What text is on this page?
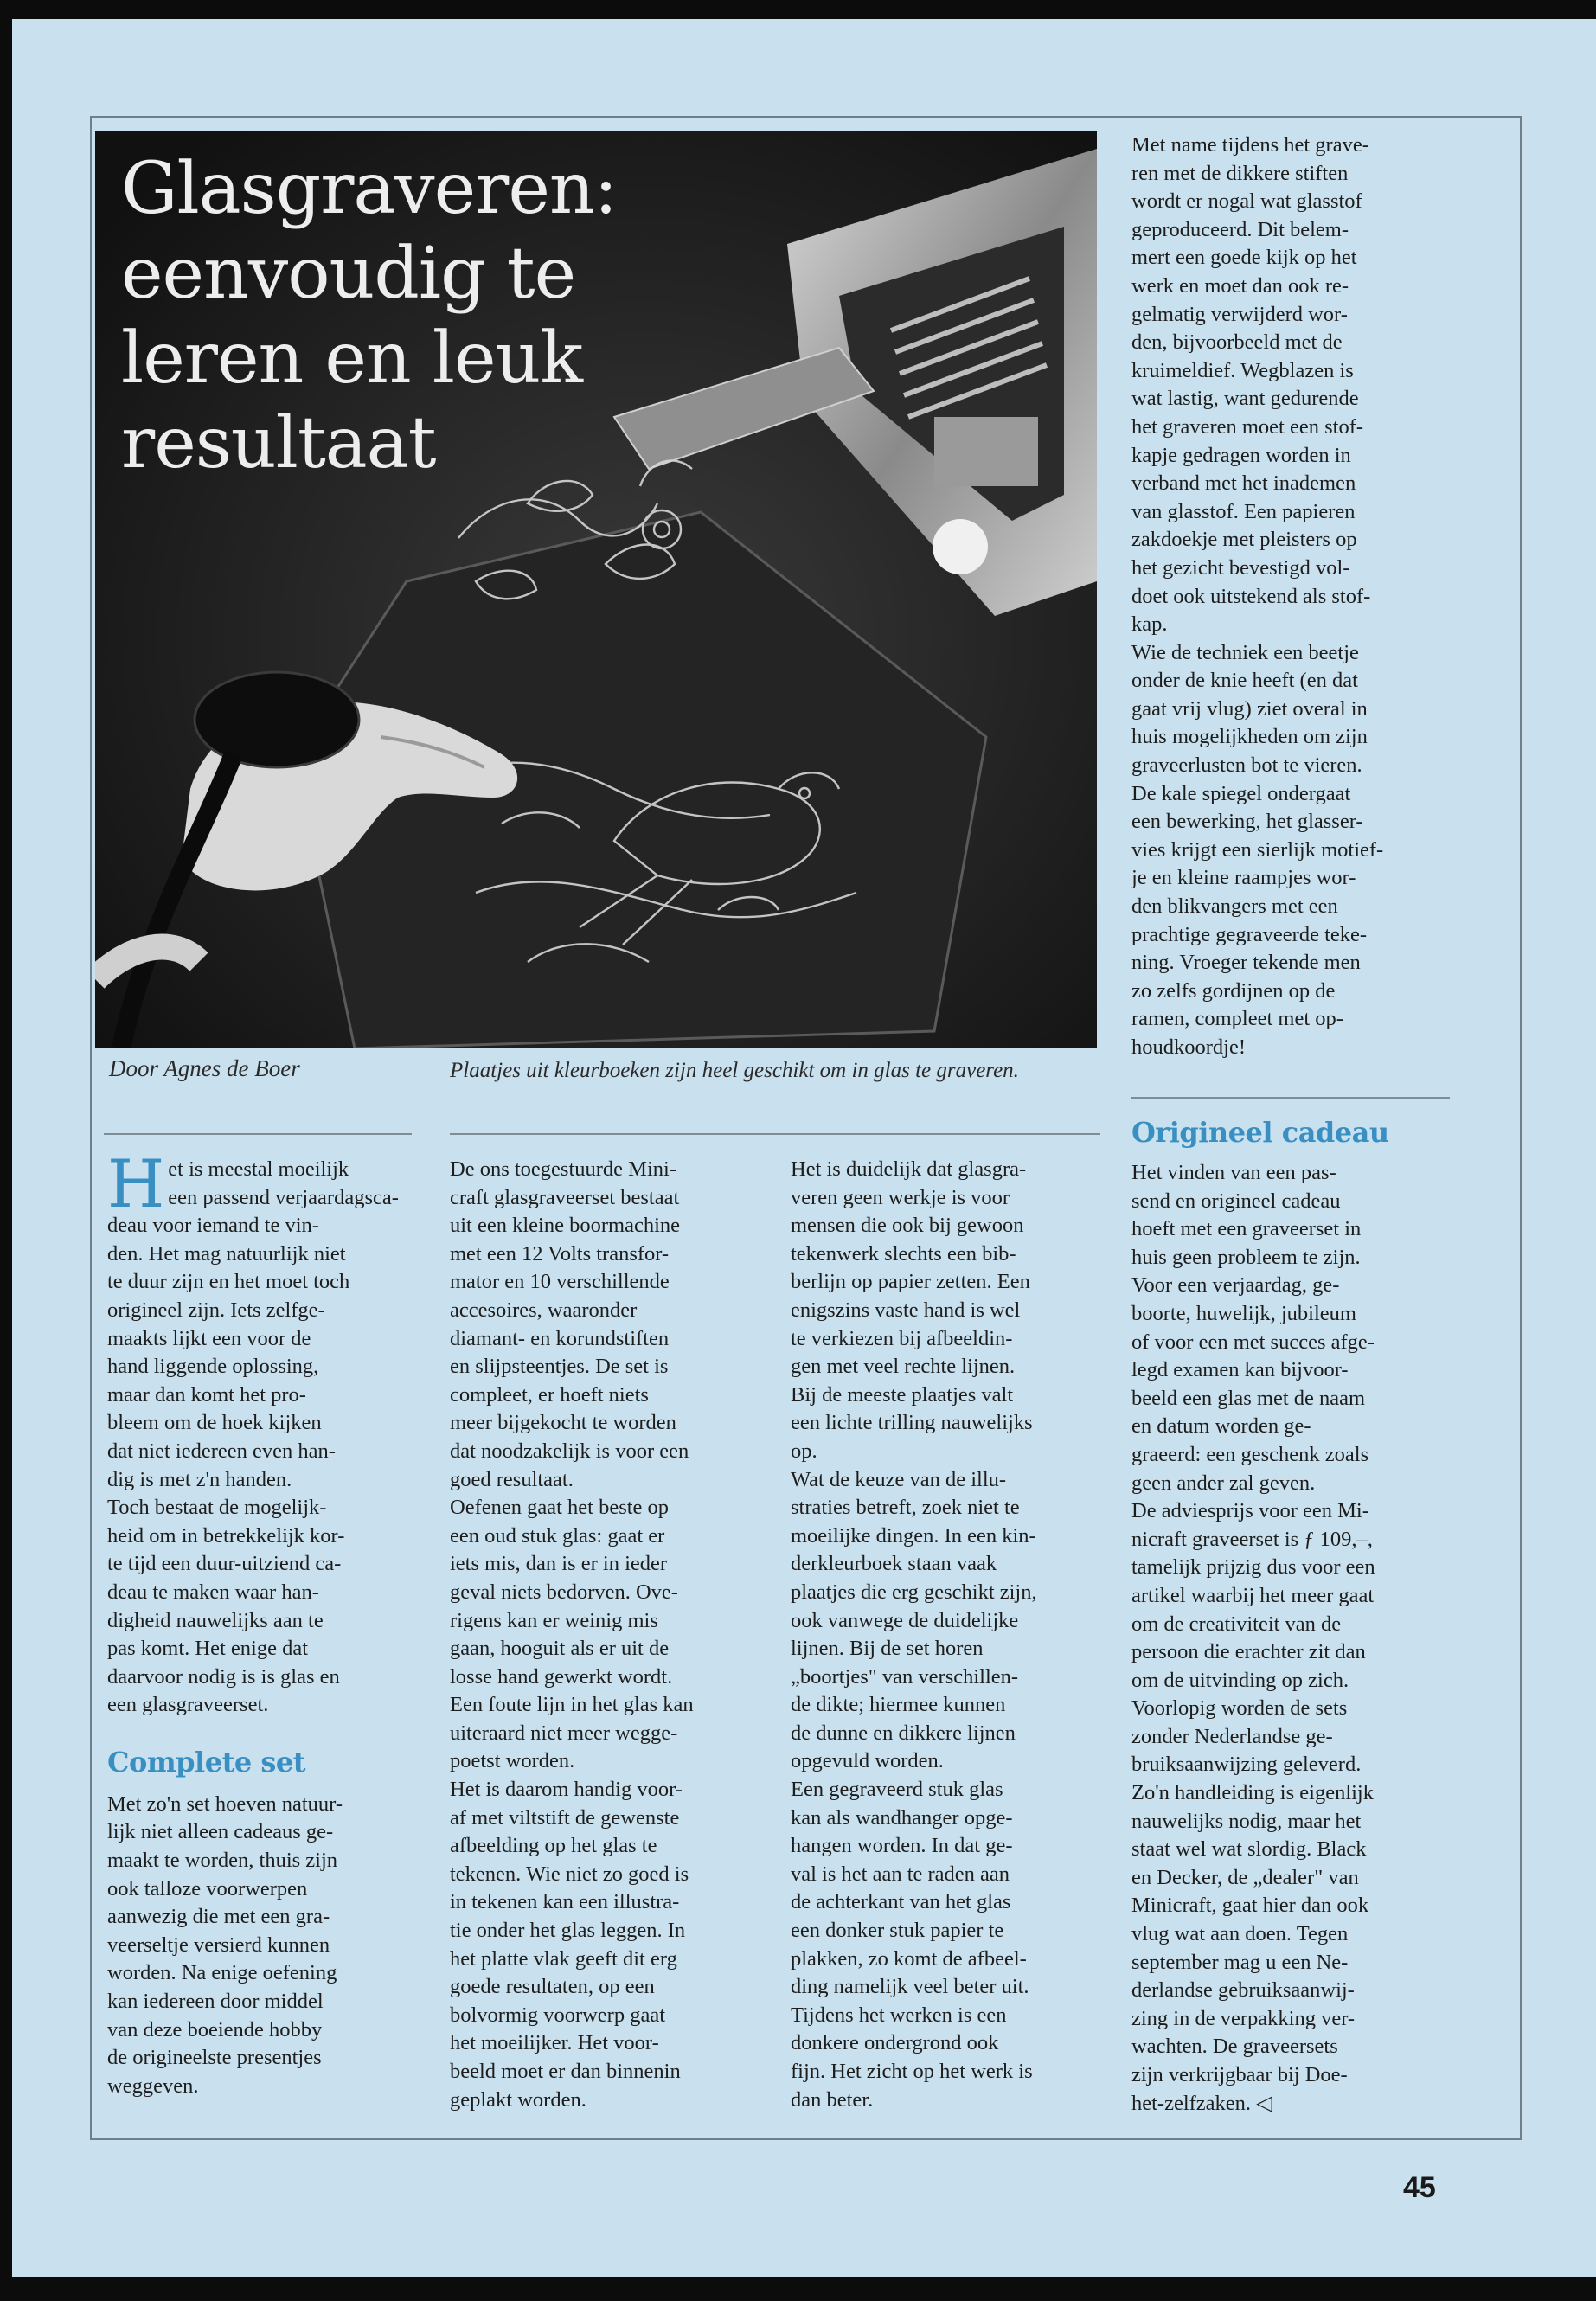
Glasgraveren: eenvoudig te leren en leuk resultaat

Met name tijdens het grave-
ren met de dikkere stiften
wordt er nogal wat glasstof
geproduceerd. Dit belem-
mert een goede kijk op het
werk en moet dan ook re-
gelmatig verwijderd wor-
den, bijvoorbeeld met de
kruimeldief. Wegblazen is
wat lastig, want gedurende
het graveren moet een stof-
kapje gedragen worden in
verband met het inademen
van glasstof. Een papieren
zakdoekje met pleisters op
het gezicht bevestigd vol-
doet ook uitstekend als stof-
kap.
Wie de techniek een beetje
onder de knie heeft (en dat
gaat vrij vlug) ziet overal in
huis mogelijkheden om zijn
graveerlusten bot te vieren.
De kale spiegel ondergaat
een bewerking, het glasser-
vies krijgt een sierlijk motief-
je en kleine raampjes wor-
den blikvangers met een
prachtige gegraveerde teke-
ning. Vroeger tekende men
zo zelfs gordijnen op de
ramen, compleet met op-
houdkoordje!

Door Agnes de Boer	Plaatjes uit kleurboeken zijn heel geschikt om in glas te graveren.

Het is meestal moeilijk
een passend verjaardagsca-
deau voor iemand te vin-
den. Het mag natuurlijk niet
te duur zijn en het moet toch
origineel zijn. Iets zelfge-
maakts lijkt een voor de
hand liggende oplossing,
maar dan komt het pro-
bleem om de hoek kijken
dat niet iedereen even han-
dig is met z'n handen.
Toch bestaat de mogelijk-
heid om in betrekkelijk kor-
te tijd een duur-uitziend ca-
deau te maken waar han-
digheid nauwelijks aan te
pas komt. Het enige dat
daarvoor nodig is is glas en
een glasgraveerset.

Complete set

Met zo'n set hoeven natuur-
lijk niet alleen cadeaus ge-
maakt te worden, thuis zijn
ook talloze voorwerpen
aanwezig die met een gra-
veerseltje versierd kunnen
worden. Na enige oefening
kan iedereen door middel
van deze boeiende hobby
de origineelste presentjes
weggeven.

De ons toegestuurde Mini-
craft glasgraveerset bestaat
uit een kleine boormachine
met een 12 Volts transfor-
mator en 10 verschillende
accesoires, waaronder
diamant- en korundstiften
en slijpsteentjes. De set is
compleet, er hoeft niets
meer bijgekocht te worden
dat noodzakelijk is voor een
goed resultaat.
Oefenen gaat het beste op
een oud stuk glas: gaat er
iets mis, dan is er in ieder
geval niets bedorven. Ove-
rigens kan er weinig mis
gaan, hooguit als er uit de
losse hand gewerkt wordt.
Een foute lijn in het glas kan
uiteraard niet meer wegge-
poetst worden.
Het is daarom handig voor-
af met viltstift de gewenste
afbeelding op het glas te
tekenen. Wie niet zo goed is
in tekenen kan een illustra-
tie onder het glas leggen. In
het platte vlak geeft dit erg
goede resultaten, op een
bolvormig voorwerp gaat
het moeilijker. Het voor-
beeld moet er dan binnenin
geplakt worden.

Het is duidelijk dat glasgra-
veren geen werkje is voor
mensen die ook bij gewoon
tekenwerk slechts een bib-
berlijn op papier zetten. Een
enigszins vaste hand is wel
te verkiezen bij afbeeldin-
gen met veel rechte lijnen.
Bij de meeste plaatjes valt
een lichte trilling nauwelijks
op.
Wat de keuze van de illu-
straties betreft, zoek niet te
moeilijke dingen. In een kin-
derkleurboek staan vaak
plaatjes die erg geschikt zijn,
ook vanwege de duidelijke
lijnen. Bij de set horen
„boortjes" van verschillen-
de dikte; hiermee kunnen
de dunne en dikkere lijnen
opgevuld worden.
Een gegraveerd stuk glas
kan als wandhanger opge-
hangen worden. In dat ge-
val is het aan te raden aan
de achterkant van het glas
een donker stuk papier te
plakken, zo komt de afbeel-
ding namelijk veel beter uit.
Tijdens het werken is een
donkere ondergrond ook
fijn. Het zicht op het werk is
dan beter.

Origineel cadeau

Het vinden van een pas-
send en origineel cadeau
hoeft met een graveerset in
huis geen probleem te zijn.
Voor een verjaardag, ge-
boorte, huwelijk, jubileum
of voor een met succes afge-
legd examen kan bijvoor-
beeld een glas met de naam
en datum worden ge-
graeerd: een geschenk zoals
geen ander zal geven.
De adviesprijs voor een Mi-
nicraft graveerset is ƒ 109,–,
tamelijk prijzig dus voor een
artikel waarbij het meer gaat
om de creativiteit van de
persoon die erachter zit dan
om de uitvinding op zich.
Voorlopig worden de sets
zonder Nederlandse ge-
bruiksaanwijzing geleverd.
Zo'n handleiding is eigenlijk
nauwelijks nodig, maar het
staat wel wat slordig. Black
en Decker, de „dealer" van
Minicraft, gaat hier dan ook
vlug wat aan doen. Tegen
september mag u een Ne-
derlandse gebruiksaanwij-
zing in de verpakking ver-
wachten. De graveersets
zijn verkrijgbaar bij Doe-
het-zelfzaken. ◁

45
